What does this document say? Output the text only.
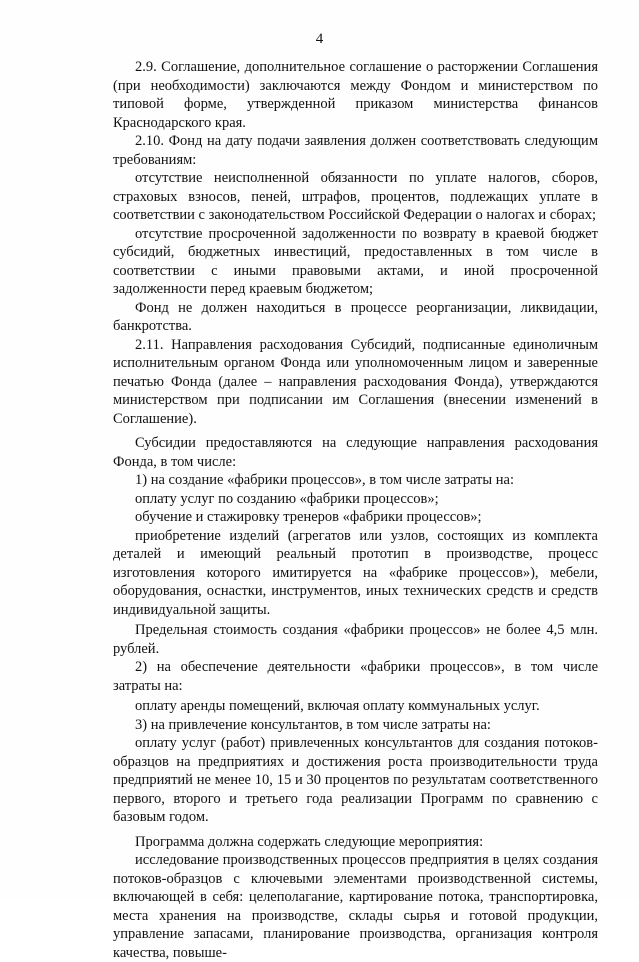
4

2.9. Соглашение, дополнительное соглашение о расторжении Соглашения (при необходимости) заключаются между Фондом и министерством по типовой форме, утвержденной приказом министерства финансов Краснодарского края.

2.10. Фонд на дату подачи заявления должен соответствовать следующим требованиям:

отсутствие неисполненной обязанности по уплате налогов, сборов, страховых взносов, пеней, штрафов, процентов, подлежащих уплате в соответствии с законодательством Российской Федерации о налогах и сборах;

отсутствие просроченной задолженности по возврату в краевой бюджет субсидий, бюджетных инвестиций, предоставленных в том числе в соответствии с иными правовыми актами, и иной просроченной задолженности перед краевым бюджетом;

Фонд не должен находиться в процессе реорганизации, ликвидации, банкротства.

2.11. Направления расходования Субсидий, подписанные единоличным исполнительным органом Фонда или уполномоченным лицом и заверенные печатью Фонда (далее – направления расходования Фонда), утверждаются министерством при подписании им Соглашения (внесении изменений в Соглашение).

Субсидии предоставляются на следующие направления расходования Фонда, в том числе:

1) на создание «фабрики процессов», в том числе затраты на:

оплату услуг по созданию «фабрики процессов»;

обучение и стажировку тренеров «фабрики процессов»;

приобретение изделий (агрегатов или узлов, состоящих из комплекта деталей и имеющий реальный прототип в производстве, процесс изготовления которого имитируется на «фабрике процессов»), мебели, оборудования, оснастки, инструментов, иных технических средств и средств индивидуальной защиты.

Предельная стоимость создания «фабрики процессов» не более 4,5 млн. рублей.

2) на обеспечение деятельности «фабрики процессов», в том числе затраты на:

оплату аренды помещений, включая оплату коммунальных услуг.

3) на привлечение консультантов, в том числе затраты на:

оплату услуг (работ) привлеченных консультантов для создания потоков-образцов на предприятиях и достижения роста производительности труда предприятий не менее 10, 15 и 30 процентов по результатам соответственного первого, второго и третьего года реализации Программ по сравнению с базовым годом.

Программа должна содержать следующие мероприятия:

исследование производственных процессов предприятия в целях создания потоков-образцов с ключевыми элементами производственной системы, включающей в себя: целеполагание, картирование потока, транспортировка, места хранения на производстве, склады сырья и готовой продукции, управление запасами, планирование производства, организация контроля качества, повыше-
